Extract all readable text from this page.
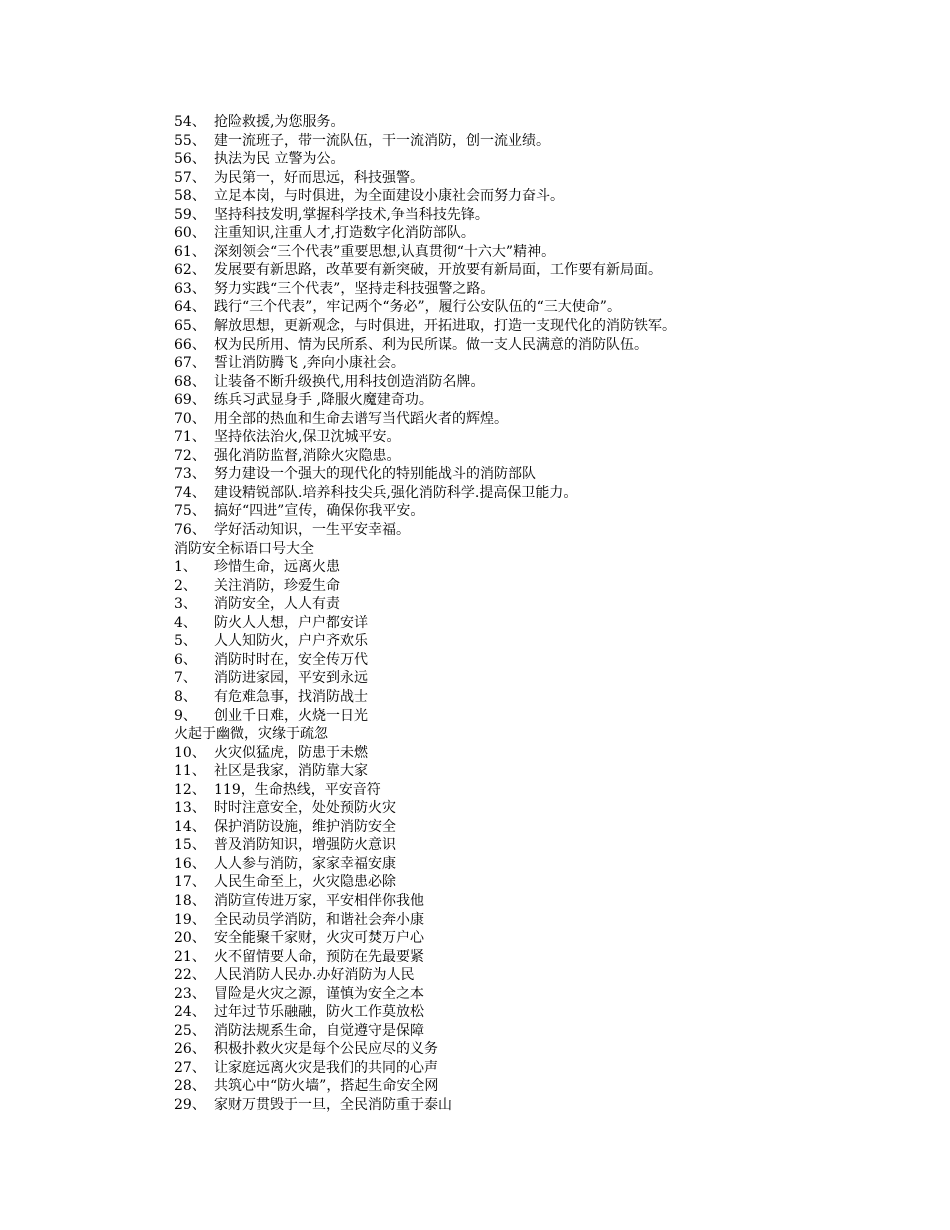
54、 抢险救援,为您服务。
55、 建一流班子，带一流队伍，干一流消防，创一流业绩。
56、 执法为民 立警为公。
57、 为民第一，好而思远，科技强警。
58、 立足本岗，与时俱进，为全面建设小康社会而努力奋斗。
59、 坚持科技发明,掌握科学技术,争当科技先锋。
60、 注重知识,注重人才,打造数字化消防部队。
61、 深刻领会“三个代表”重要思想,认真贯彻“十六大”精神。
62、 发展要有新思路，改革要有新突破，开放要有新局面，工作要有新局面。
63、 努力实践“三个代表”，坚持走科技强警之路。
64、 践行“三个代表”，牢记两个“务必”，履行公安队伍的“三大使命”。
65、 解放思想，更新观念，与时俱进，开拓进取，打造一支现代化的消防铁军。
66、 权为民所用、情为民所系、利为民所谋。做一支人民满意的消防队伍。
67、 誓让消防腾飞 ,奔向小康社会。
68、 让装备不断升级换代,用科技创造消防名牌。
69、 练兵习武显身手 ,降服火魔建奇功。
70、 用全部的热血和生命去谱写当代蹈火者的辉煌。
71、 坚持依法治火,保卫沈城平安。
72、 强化消防监督,消除火灾隐患。
73、 努力建设一个强大的现代化的特别能战斗的消防部队
74、 建设精锐部队.培养科技尖兵,强化消防科学.提高保卫能力。
75、 搞好“四进”宣传，确保你我平安。
76、 学好活动知识，一生平安幸福。
消防安全标语口号大全
1、 珍惜生命，远离火患
2、 关注消防，珍爱生命
3、 消防安全，人人有责
4、 防火人人想，户户都安详
5、 人人知防火，户户齐欢乐
6、 消防时时在，安全传万代
7、 消防进家园，平安到永远
8、 有危难急事，找消防战士
9、 创业千日难，火烧一日光
火起于幽微，灾缘于疏忽
10、 火灾似猛虎，防患于未燃
11、 社区是我家，消防靠大家
12、 119，生命热线，平安音符
13、 时时注意安全，处处预防火灾
14、 保护消防设施，维护消防安全
15、 普及消防知识，增强防火意识
16、 人人参与消防，家家幸福安康
17、 人民生命至上，火灾隐患必除
18、 消防宣传进万家，平安相伴你我他
19、 全民动员学消防，和谐社会奔小康
20、 安全能聚千家财，火灾可焚万户心
21、 火不留情要人命，预防在先最要紧
22、 人民消防人民办.办好消防为人民
23、 冒险是火灾之源，谨慎为安全之本
24、 过年过节乐融融，防火工作莫放松
25、 消防法规系生命，自觉遵守是保障
26、 积极扑救火灾是每个公民应尽的义务
27、 让家庭远离火灾是我们的共同的心声
28、 共筑心中“防火墙”，搭起生命安全网
29、 家财万贯毁于一旦，全民消防重于泰山
